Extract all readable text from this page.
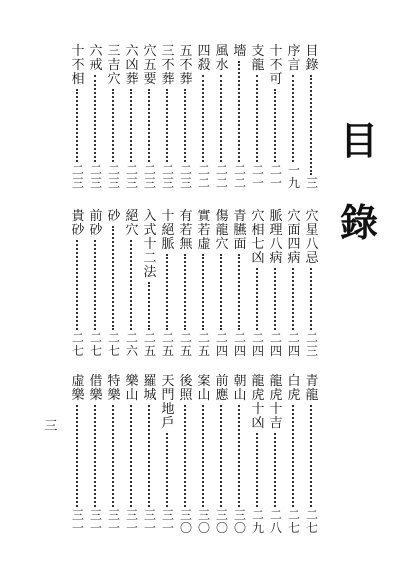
目
錄
目錄
三
序言
一九
十不可
二一
支龍
二一
墻
二二
風水
二二
四殺
二二
五不葬
二三
三不葬
二三
穴五要
二三
六凶葬
二三
三吉穴
二三
六戒
二三
十不相
二三
穴星八忌
二三
穴面四病
二四
脈理八病
二四
穴相七凶
二四
青臙面
二四
傷龍穴
二四
實若虛
二五
有若無
二五
十絕脈
二五
入式十二法
二五
絕穴
二六
砂
二七
前砂
二七
貴砂
二七
青龍
二七
白虎
二七
龍虎十吉
二八
龍虎十凶
二九
朝山
三〇
前應
三〇
案山
三〇
後照
三〇
天門地戶
三一
羅城
三一
樂山
三一
特樂
三一
借樂
三一
虛樂
三一
三
